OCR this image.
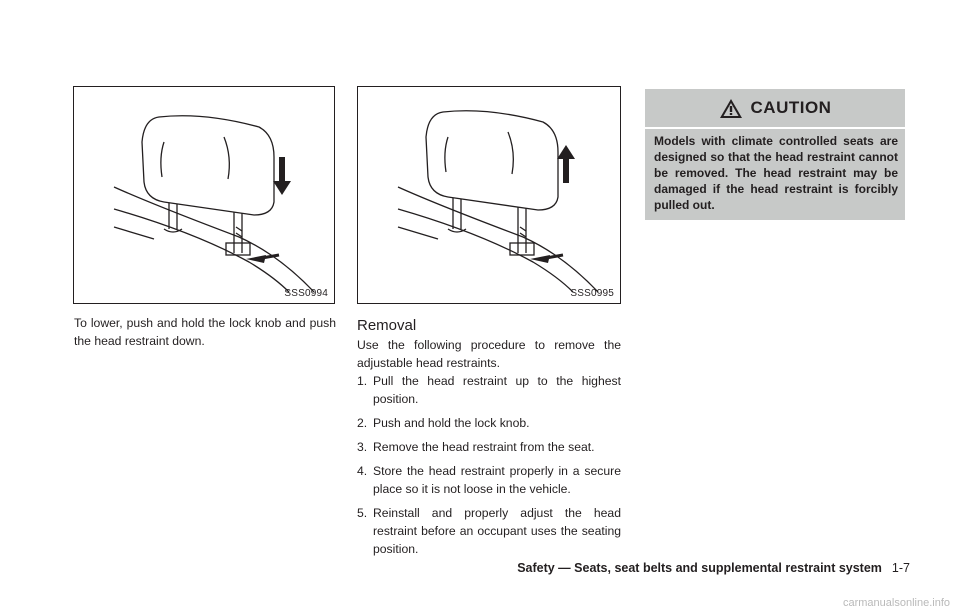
SSS0994
To lower, push and hold the lock knob and push the head restraint down.
SSS0995
Removal
Use the following procedure to remove the adjustable head restraints.
1. Pull the head restraint up to the highest position.
2. Push and hold the lock knob.
3. Remove the head restraint from the seat.
4. Store the head restraint properly in a secure place so it is not loose in the vehicle.
5. Reinstall and properly adjust the head restraint before an occupant uses the seating position.
CAUTION
Models with climate controlled seats are designed so that the head restraint cannot be removed. The head restraint may be damaged if the head restraint is forcibly pulled out.
Safety — Seats, seat belts and supplemental restraint system 1-7
carmanualsonline.info
